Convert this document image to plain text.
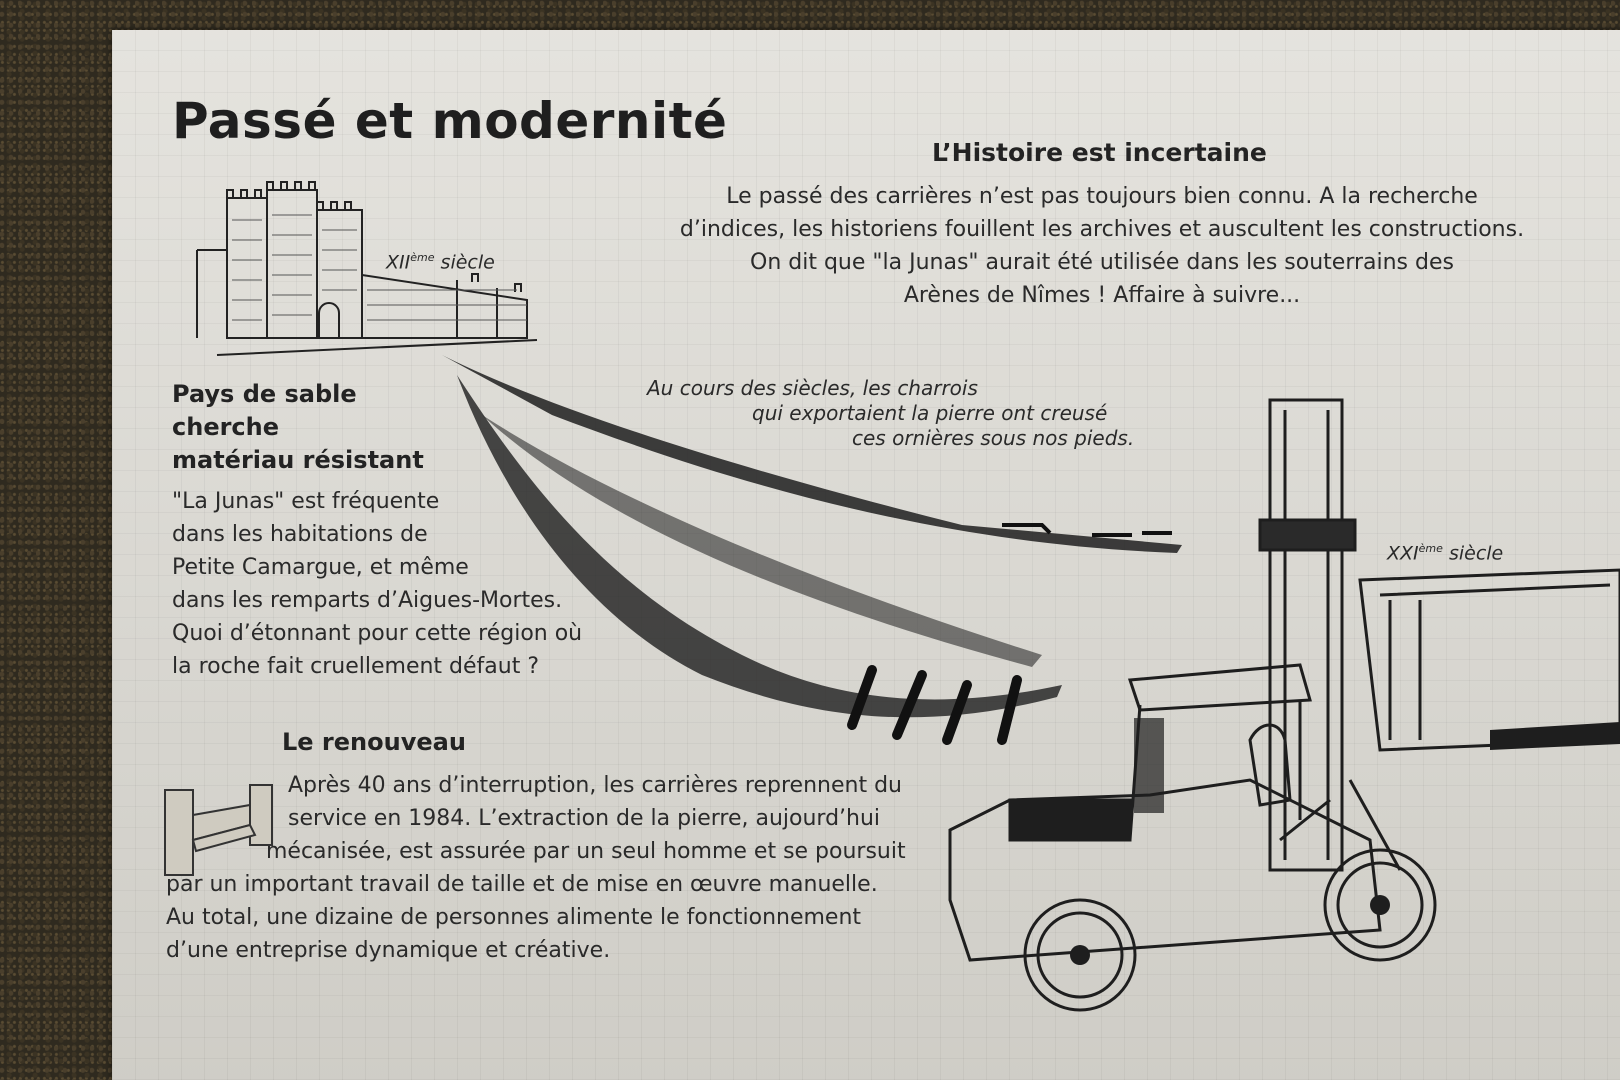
Passé et modernité
XIIème siècle
L’Histoire est incertaine
Le passé des carrières n’est pas toujours bien connu. A la recherche
d’indices, les historiens fouillent les archives et auscultent les constructions.
On dit que "la Junas" aurait été utilisée dans les souterrains des
Arènes de Nîmes ! Affaire à suivre...
Pays de sable
cherche
matériau résistant
"La Junas" est fréquente
dans les habitations de
Petite Camargue, et même
dans les remparts d’Aigues-Mortes.
Quoi d’étonnant pour cette région où
la roche fait cruellement défaut ?
Au cours des siècles, les charrois
qui exportaient la pierre ont creusé
ces ornières sous nos pieds.
XXIème siècle
Le renouveau
Après 40 ans d’interruption, les carrières reprennent du
service en 1984. L’extraction de la pierre, aujourd’hui
mécanisée, est assurée par un seul homme et se poursuit
par un important travail de taille et de mise en œuvre manuelle.
Au total, une dizaine de personnes alimente le fonctionnement
d’une entreprise dynamique et créative.
